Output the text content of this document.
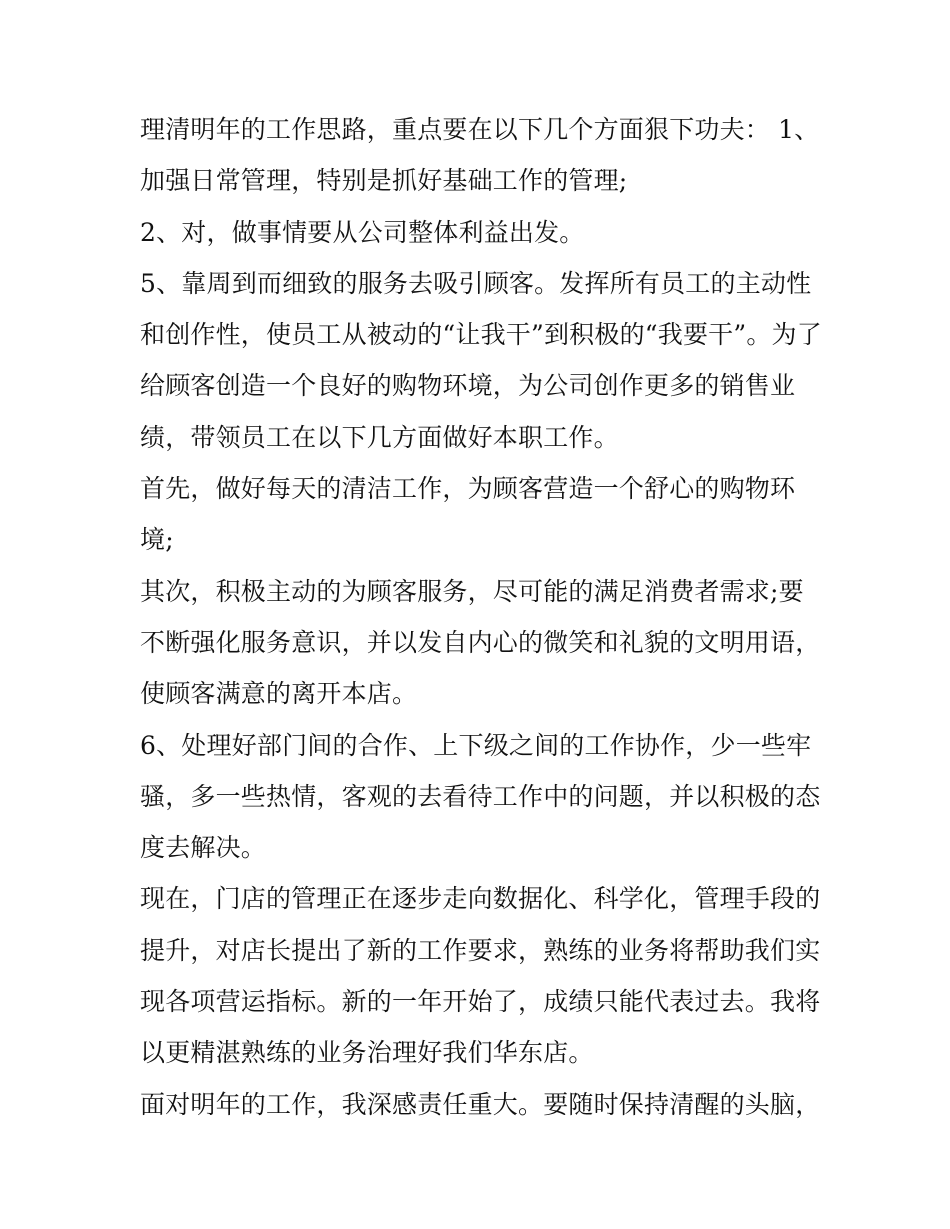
理清明年的工作思路，重点要在以下几个方面狠下功夫： 1、
加强日常管理，特别是抓好基础工作的管理;
2、对，做事情要从公司整体利益出发。
5、靠周到而细致的服务去吸引顾客。发挥所有员工的主动性
和创作性，使员工从被动的“让我干”到积极的“我要干”。为了
给顾客创造一个良好的购物环境，为公司创作更多的销售业
绩，带领员工在以下几方面做好本职工作。
首先，做好每天的清洁工作，为顾客营造一个舒心的购物环
境;
其次，积极主动的为顾客服务，尽可能的满足消费者需求;要
不断强化服务意识，并以发自内心的微笑和礼貌的文明用语，
使顾客满意的离开本店。
6、处理好部门间的合作、上下级之间的工作协作，少一些牢
骚，多一些热情，客观的去看待工作中的问题，并以积极的态
度去解决。
现在，门店的管理正在逐步走向数据化、科学化，管理手段的
提升，对店长提出了新的工作要求，熟练的业务将帮助我们实
现各项营运指标。新的一年开始了，成绩只能代表过去。我将
以更精湛熟练的业务治理好我们华东店。
面对明年的工作，我深感责任重大。要随时保持清醒的头脑，
